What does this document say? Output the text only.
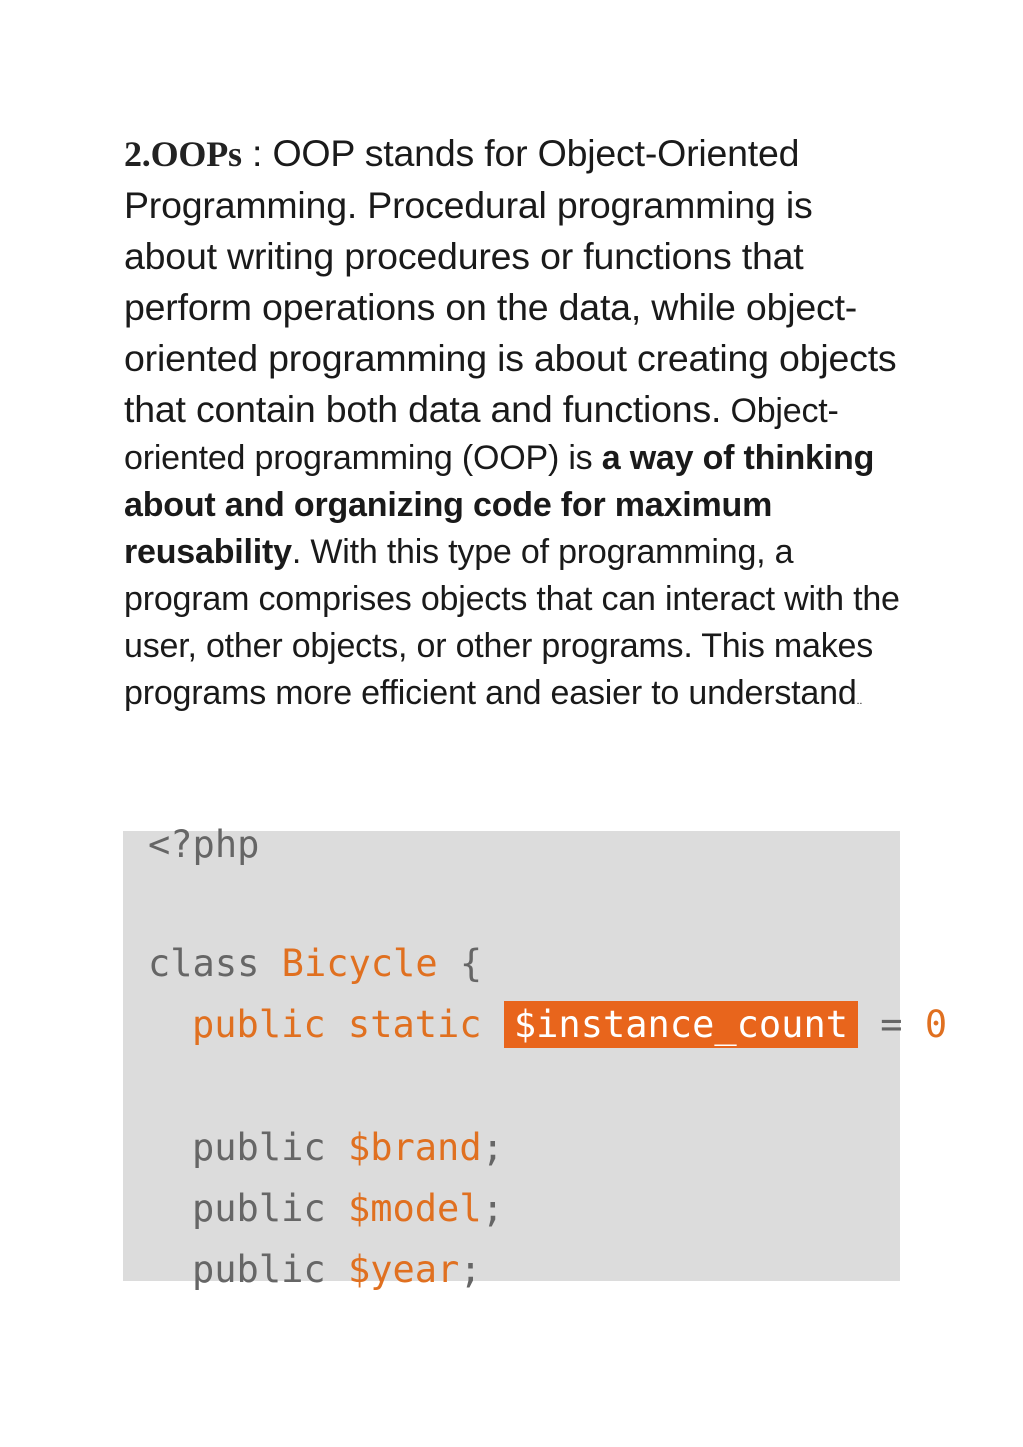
2.OOPs : OOP stands for Object-Oriented Programming. Procedural programming is about writing procedures or functions that perform operations on the data, while object-oriented programming is about creating objects that contain both data and functions. Object-oriented programming (OOP) is a way of thinking about and organizing code for maximum reusability. With this type of programming, a program comprises objects that can interact with the user, other objects, or other programs. This makes programs more efficient and easier to understand..
<?php
class Bicycle {
public static $instance_count = 0
public $brand;
public $model;
public $year;
